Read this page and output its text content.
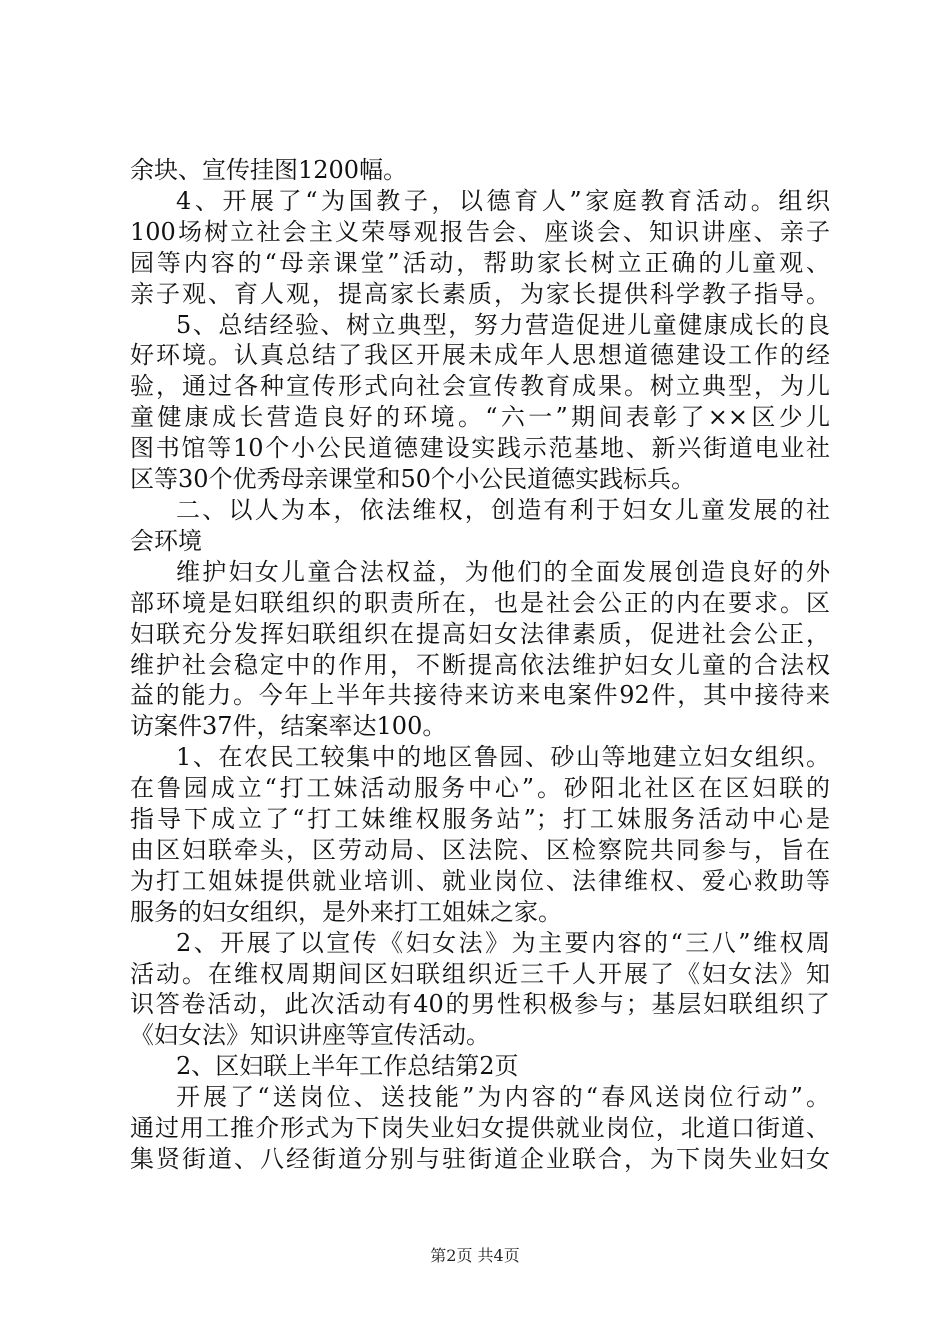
余块、宣传挂图1200幅。
4、开展了“为国教子，以德育人”家庭教育活动。组织
100场树立社会主义荣辱观报告会、座谈会、知识讲座、亲子
园等内容的“母亲课堂”活动，帮助家长树立正确的儿童观、
亲子观、育人观，提高家长素质，为家长提供科学教子指导。
5、总结经验、树立典型，努力营造促进儿童健康成长的良
好环境。认真总结了我区开展未成年人思想道德建设工作的经
验，通过各种宣传形式向社会宣传教育成果。树立典型，为儿
童健康成长营造良好的环境。“六一”期间表彰了××区少儿
图书馆等10个小公民道德建设实践示范基地、新兴街道电业社
区等30个优秀母亲课堂和50个小公民道德实践标兵。
二、以人为本，依法维权，创造有利于妇女儿童发展的社
会环境
维护妇女儿童合法权益，为他们的全面发展创造良好的外
部环境是妇联组织的职责所在，也是社会公正的内在要求。区
妇联充分发挥妇联组织在提高妇女法律素质，促进社会公正，
维护社会稳定中的作用，不断提高依法维护妇女儿童的合法权
益的能力。今年上半年共接待来访来电案件92件，其中接待来
访案件37件，结案率达100。
1、在农民工较集中的地区鲁园、砂山等地建立妇女组织。
在鲁园成立“打工妹活动服务中心”。砂阳北社区在区妇联的
指导下成立了“打工妹维权服务站”；打工妹服务活动中心是
由区妇联牵头，区劳动局、区法院、区检察院共同参与，旨在
为打工姐妹提供就业培训、就业岗位、法律维权、爱心救助等
服务的妇女组织，是外来打工姐妹之家。
2、开展了以宣传《妇女法》为主要内容的“三八”维权周
活动。在维权周期间区妇联组织近三千人开展了《妇女法》知
识答卷活动，此次活动有40的男性积极参与；基层妇联组织了
《妇女法》知识讲座等宣传活动。
2、区妇联上半年工作总结第2页
开展了“送岗位、送技能”为内容的“春风送岗位行动”。
通过用工推介形式为下岗失业妇女提供就业岗位，北道口街道、
集贤街道、八经街道分别与驻街道企业联合，为下岗失业妇女
第2页 共4页
